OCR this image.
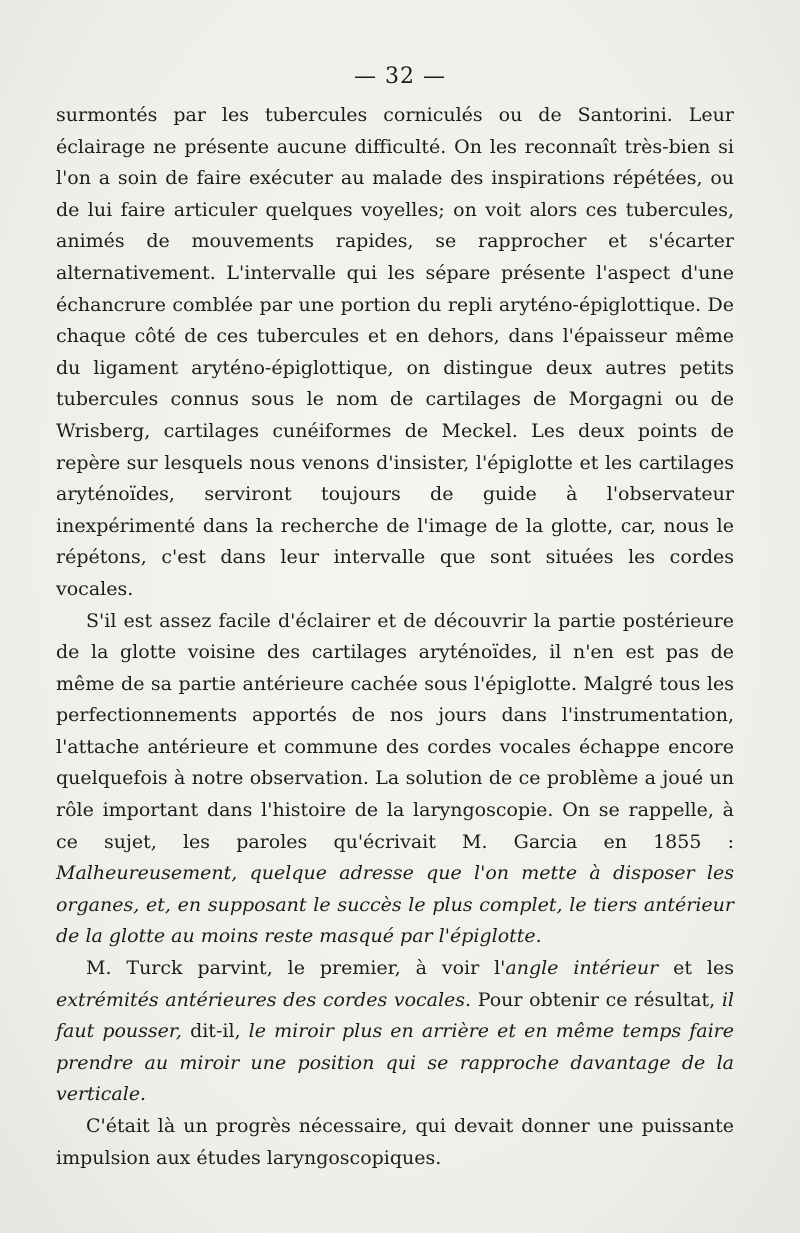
— 32 —

surmontés par les tubercules corniculés ou de Santorini. Leur éclairage ne présente aucune difficulté. On les reconnaît très-bien si l'on a soin de faire exécuter au malade des inspirations répétées, ou de lui faire articuler quelques voyelles; on voit alors ces tubercules, animés de mouvements rapides, se rapprocher et s'écarter alternativement. L'intervalle qui les sépare présente l'aspect d'une échancrure comblée par une portion du repli aryténo-épiglottique. De chaque côté de ces tubercules et en dehors, dans l'épaisseur même du ligament aryténo-épiglottique, on distingue deux autres petits tubercules connus sous le nom de cartilages de Morgagni ou de Wrisberg, cartilages cunéiformes de Meckel. Les deux points de repère sur lesquels nous venons d'insister, l'épiglotte et les cartilages aryténoïdes, serviront toujours de guide à l'observateur inexpérimenté dans la recherche de l'image de la glotte, car, nous le répétons, c'est dans leur intervalle que sont situées les cordes vocales.

S'il est assez facile d'éclairer et de découvrir la partie postérieure de la glotte voisine des cartilages aryténoïdes, il n'en est pas de même de sa partie antérieure cachée sous l'épiglotte. Malgré tous les perfectionnements apportés de nos jours dans l'instrumentation, l'attache antérieure et commune des cordes vocales échappe encore quelquefois à notre observation. La solution de ce problème a joué un rôle important dans l'histoire de la laryngoscopie. On se rappelle, à ce sujet, les paroles qu'écrivait M. Garcia en 1855 : Malheureusement, quelque adresse que l'on mette à disposer les organes, et, en supposant le succès le plus complet, le tiers antérieur de la glotte au moins reste masqué par l'épiglotte.

M. Turck parvint, le premier, à voir l'angle intérieur et les extrémités antérieures des cordes vocales. Pour obtenir ce résultat, il faut pousser, dit-il, le miroir plus en arrière et en même temps faire prendre au miroir une position qui se rapproche davantage de la verticale.

C'était là un progrès nécessaire, qui devait donner une puissante impulsion aux études laryngoscopiques.
